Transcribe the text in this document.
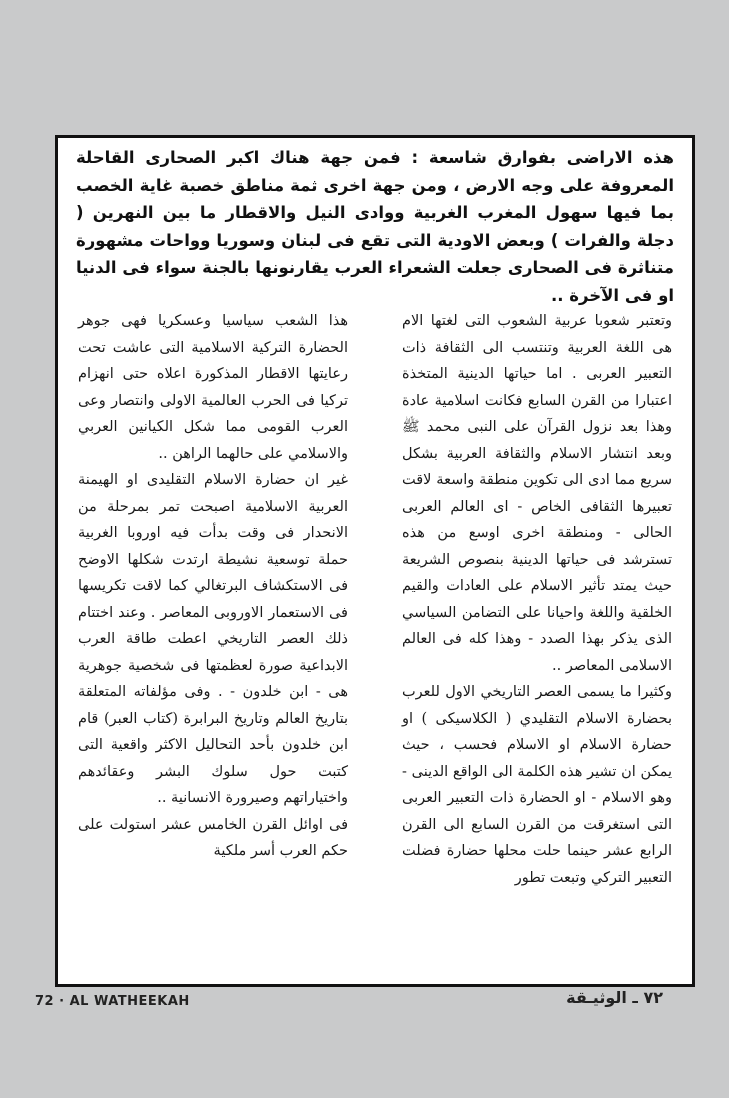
هذه الاراضى بفوارق شاسعة : فمن جهة هناك اكبر الصحارى القاحلة المعروفة على وجه الارض ، ومن جهة اخرى ثمة مناطق خصبة غاية الخصب بما فيها سهول المغرب الغربية ووادى النيل والاقطار ما بين النهرين ( دجلة والفرات ) وبعض الاودية التى تقع فى لبنان وسوريا وواحات مشهورة متناثرة فى الصحارى جعلت الشعراء العرب يقارنونها بالجنة سواء فى الدنيا او فى الآخرة ..

وتعتبر شعوبا عربية الشعوب التى لغتها الام هى اللغة العربية وتنتسب الى الثقافة ذات التعبير العربى . اما حياتها الدينية المتخذة اعتبارا من القرن السابع فكانت اسلامية عادة وهذا بعد نزول القرآن على النبى محمد ﷺ وبعد انتشار الاسلام والثقافة العربية بشكل سريع مما ادى الى تكوين منطقة واسعة لاقت تعبيرها الثقافى الخاص - اى العالم العربى الحالى - ومنطقة اخرى اوسع من هذه تسترشد فى حياتها الدينية بنصوص الشريعة حيث يمتد تأثير الاسلام على العادات والقيم الخلقية واللغة واحيانا على التضامن السياسي الذى يذكر بهذا الصدد - وهذا كله فى العالم الاسلامى المعاصر ..

وكثيرا ما يسمى العصر التاريخي الاول للعرب بحضارة الاسلام التقليدي ( الكلاسيكى ) او حضارة الاسلام او الاسلام فحسب ، حيث يمكن ان تشير هذه الكلمة الى الواقع الدينى - وهو الاسلام - او الحضارة ذات التعبير العربى التى استغرقت من القرن السابع الى القرن الرابع عشر حينما حلت محلها حضارة فضلت التعبير التركي وتبعت تطور

هذا الشعب سياسيا وعسكريا فهى جوهر الحضارة التركية الاسلامية التى عاشت تحت رعايتها الاقطار المذكورة اعلاه حتى انهزام تركيا فى الحرب العالمية الاولى وانتصار وعى العرب القومى مما شكل الكيانين العربي والاسلامي على حالهما الراهن ..

غير ان حضارة الاسلام التقليدى او الهيمنة العربية الاسلامية اصبحت تمر بمرحلة من الانحدار فى وقت بدأت فيه اوروبا الغربية حملة توسعية نشيطة ارتدت شكلها الاوضح فى الاستكشاف البرتغالي كما لاقت تكريسها فى الاستعمار الاوروبى المعاصر . وعند اختتام ذلك العصر التاريخي اعطت طاقة العرب الابداعية صورة لعظمتها فى شخصية جوهرية هى - ابن خلدون - . وفى مؤلفاته المتعلقة بتاريخ العالم وتاريخ البرابرة (كتاب العبر) قام ابن خلدون بأحد التحاليل الاكثر واقعية التى كتبت حول سلوك البشر وعقائدهم واختياراتهم وصيرورة الانسانية ..

فى اوائل القرن الخامس عشر استولت على حكم العرب أسر ملكية

72 · AL WATHEEKAH	٧٢ ـ الوثيـقة
